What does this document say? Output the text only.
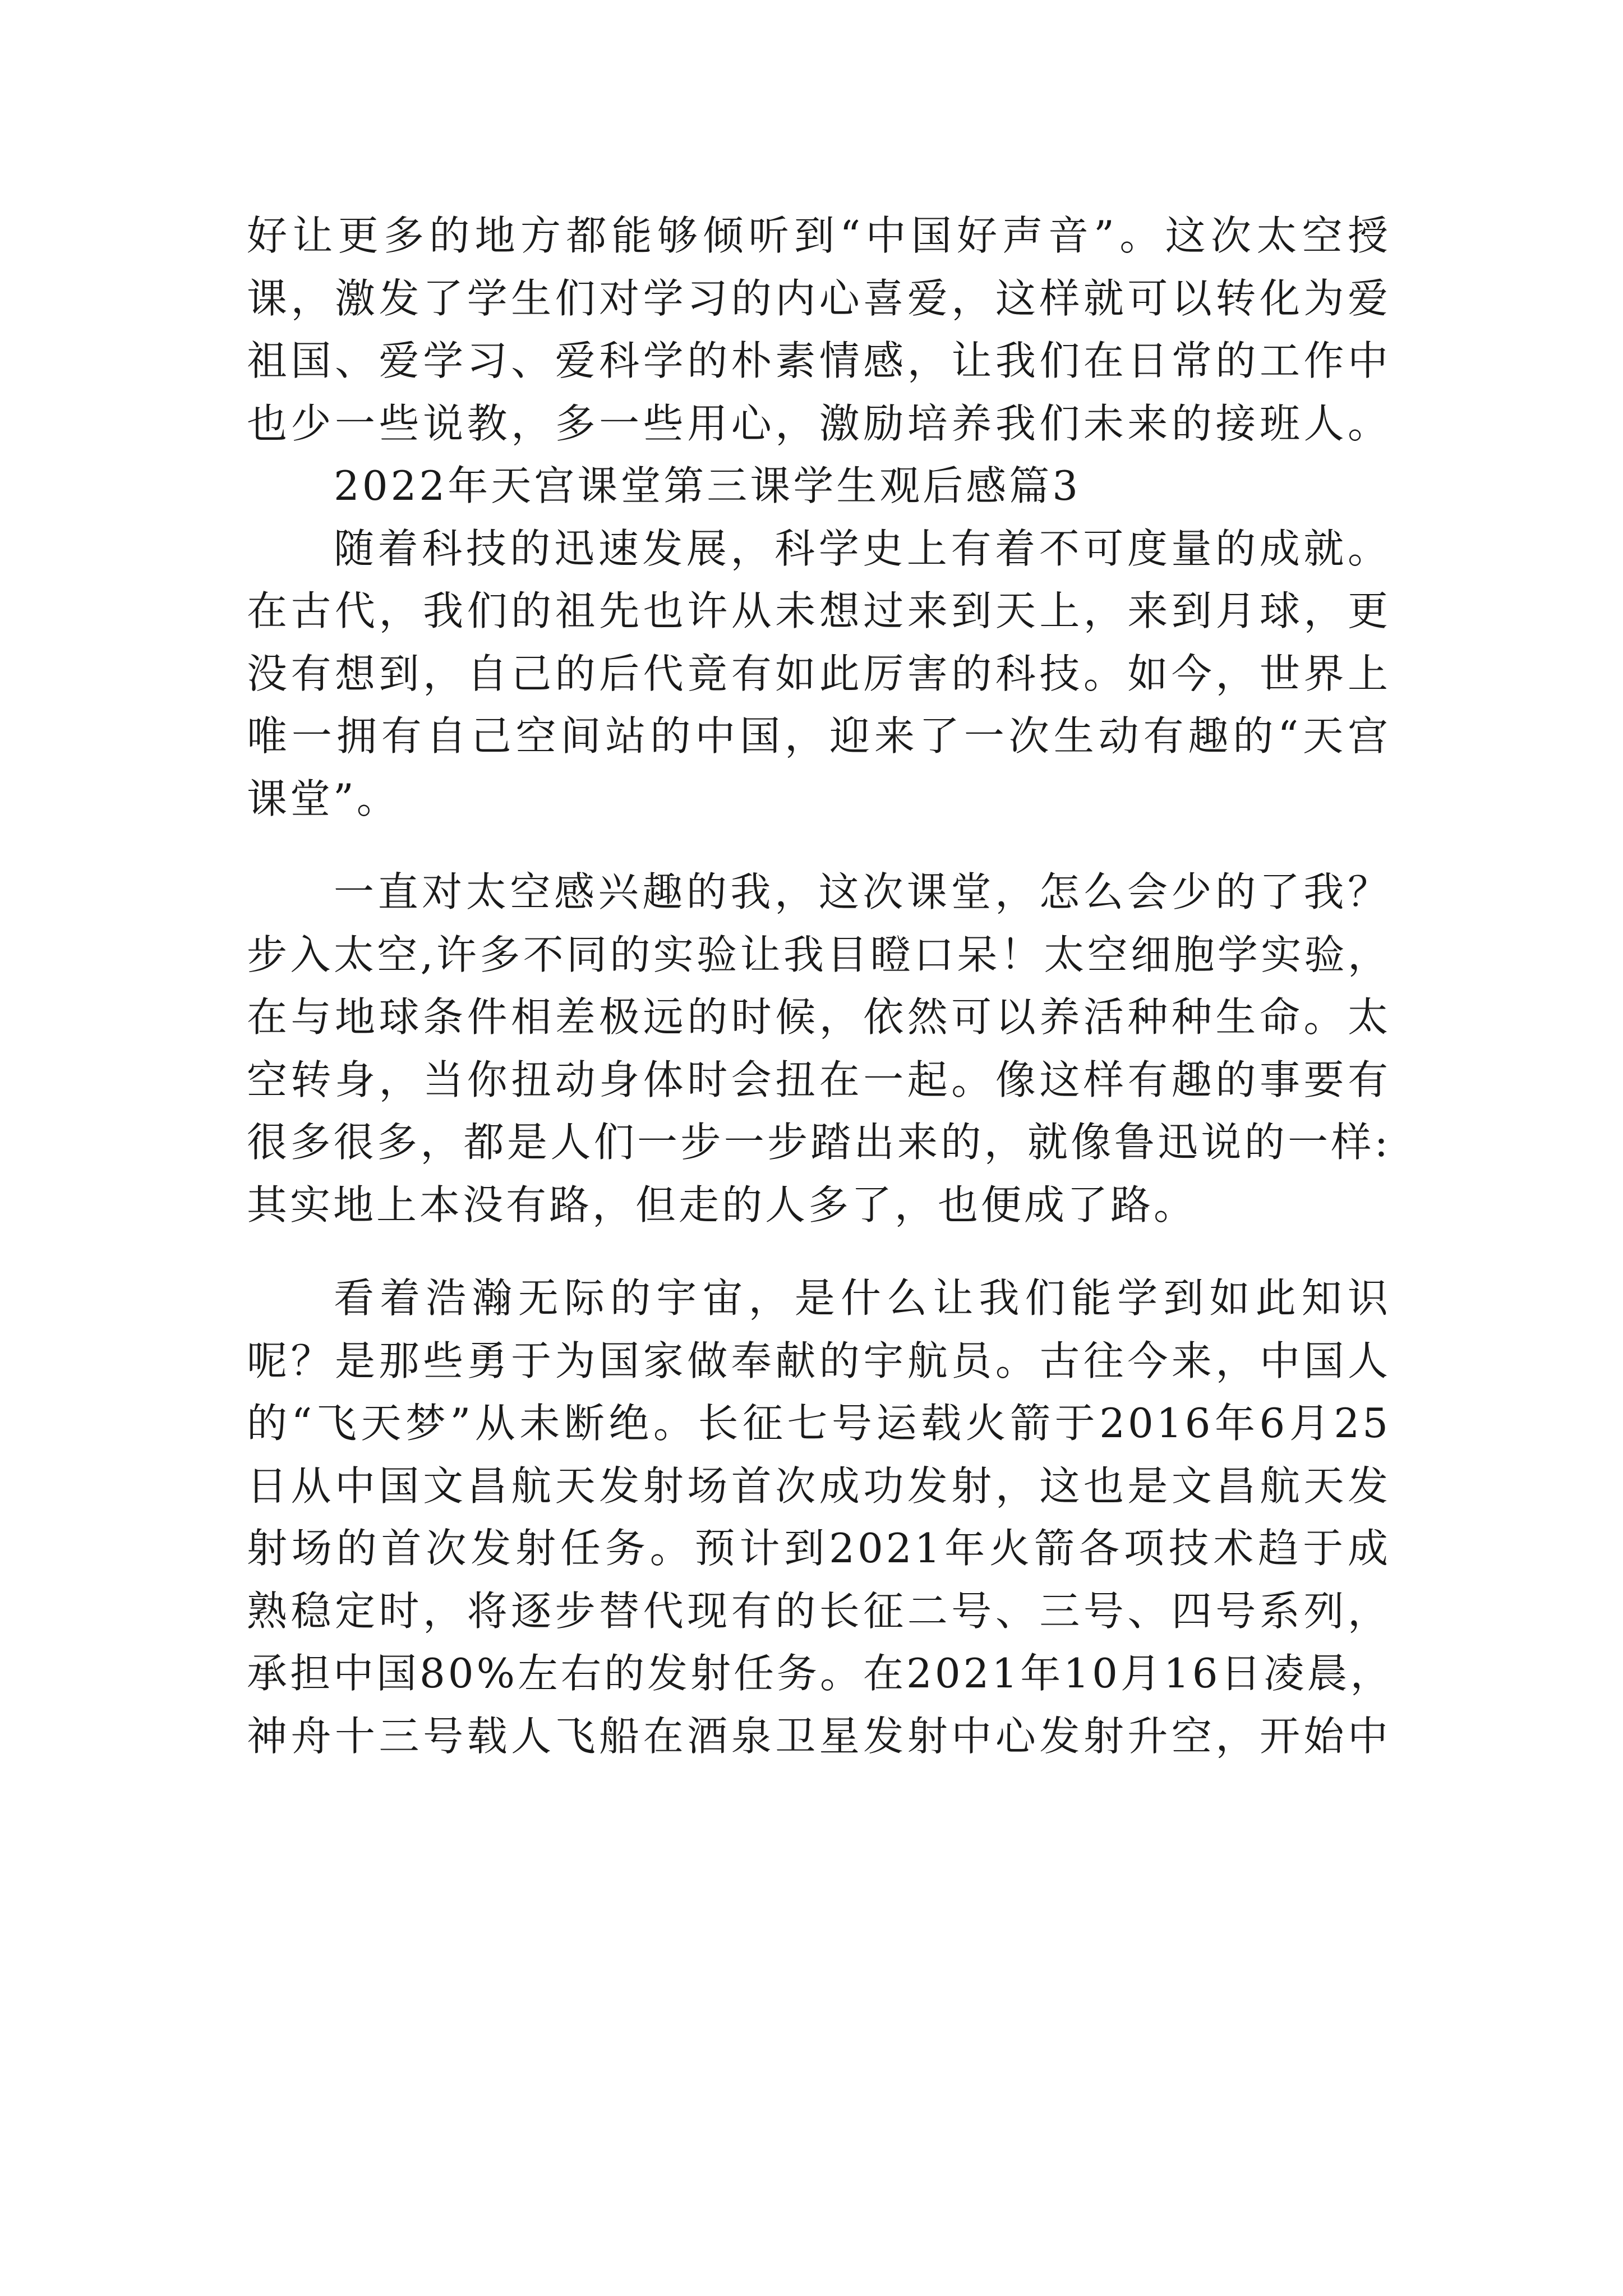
好让更多的地方都能够倾听到“中国好声音”。这次太空授
课，激发了学生们对学习的内心喜爱，这样就可以转化为爱
祖国、爱学习、爱科学的朴素情感，让我们在日常的工作中
也少一些说教，多一些用心，激励培养我们未来的接班人。
2022年天宫课堂第三课学生观后感篇3
随着科技的迅速发展，科学史上有着不可度量的成就。
在古代，我们的祖先也许从未想过来到天上，来到月球，更
没有想到，自己的后代竟有如此厉害的科技。如今，世界上
唯一拥有自己空间站的中国，迎来了一次生动有趣的“天宫
课堂”。
一直对太空感兴趣的我，这次课堂，怎么会少的了我？
步入太空,许多不同的实验让我目瞪口呆！太空细胞学实验，
在与地球条件相差极远的时候，依然可以养活种种生命。太
空转身，当你扭动身体时会扭在一起。像这样有趣的事要有
很多很多，都是人们一步一步踏出来的，就像鲁迅说的一样:
其实地上本没有路，但走的人多了，也便成了路。
看着浩瀚无际的宇宙，是什么让我们能学到如此知识
呢？是那些勇于为国家做奉献的宇航员。古往今来，中国人
的“飞天梦”从未断绝。长征七号运载火箭于2016年6月25
日从中国文昌航天发射场首次成功发射，这也是文昌航天发
射场的首次发射任务。预计到2021年火箭各项技术趋于成
熟稳定时，将逐步替代现有的长征二号、三号、四号系列，
承担中国80%左右的发射任务。在2021年10月16日凌晨，
神舟十三号载人飞船在酒泉卫星发射中心发射升空，开始中
